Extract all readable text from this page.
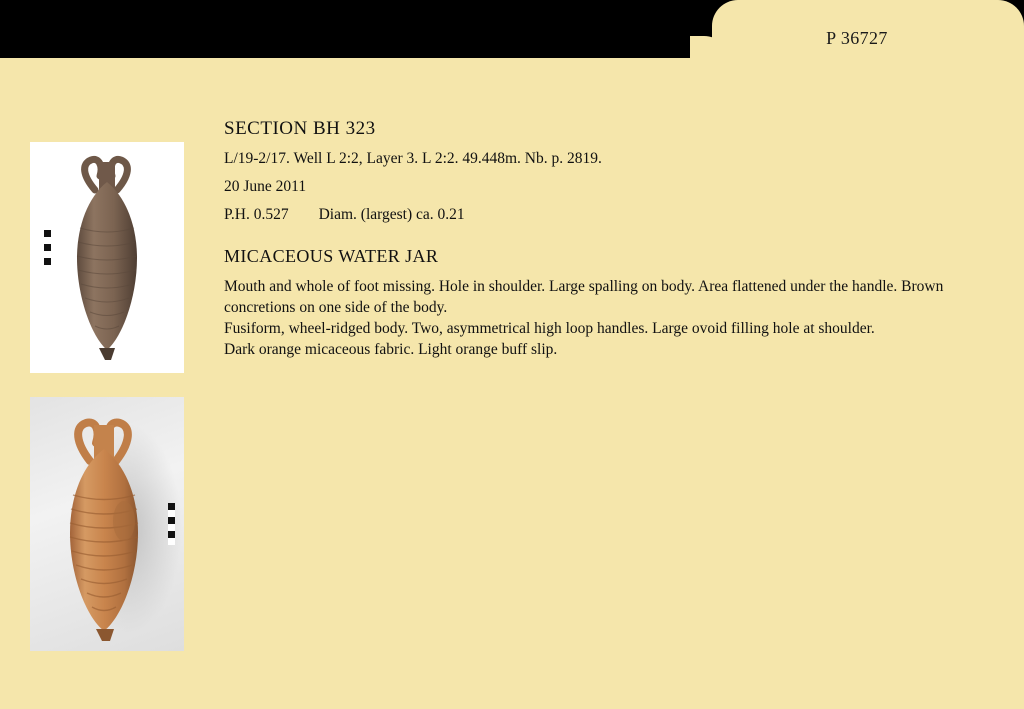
P 36727
SECTION BH 323

L/19-2/17. Well L 2:2, Layer 3. L 2:2. 49.448m. Nb. p. 2819.

20 June 2011

P.H. 0.527 Diam. (largest) ca. 0.21

MICACEOUS WATER JAR

Mouth and whole of foot missing. Hole in shoulder. Large spalling on body. Area flattened under the handle. Brown concretions on one side of the body.

Fusiform, wheel-ridged body. Two, asymmetrical high loop handles. Large ovoid filling hole at shoulder.

Dark orange micaceous fabric. Light orange buff slip.
